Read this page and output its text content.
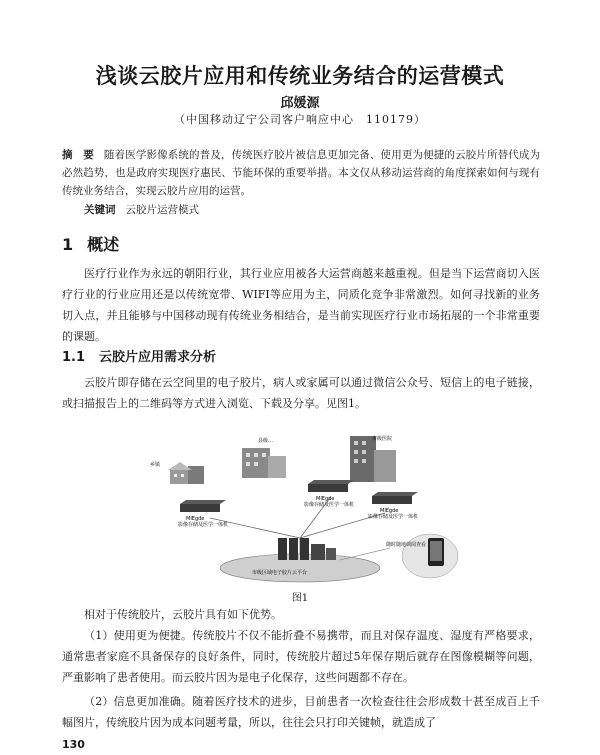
浅谈云胶片应用和传统业务结合的运营模式
邱媛源
（中国移动辽宁公司客户响应中心　110179）
摘　要 随着医学影像系统的普及，传统医疗胶片被信息更加完备、使用更为便捷的云胶片所替代成为必然趋势，也是政府实现医疗惠民、节能环保的重要举措。本文仅从移动运营商的角度探索如何与现有传统业务结合，实现云胶片应用的运营。
关键词 云胶片运营模式
1 概述
医疗行业作为永远的朝阳行业，其行业应用被各大运营商越来越重视。但是当下运营商切入医疗行业的行业应用还是以传统宽带、WIFI等应用为主，同质化竞争非常激烈。如何寻找新的业务切入点，并且能够与中国移动现有传统业务相结合，是当前实现医疗行业市场拓展的一个非常重要的课题。
1.1 云胶片应用需求分析
云胶片即存储在云空间里的电子胶片，病人或家属可以通过微信公众号、短信上的电子链接，或扫描报告上的二维码等方式进入浏览、下载及分享。见图1。
乡镇
县级…	市级医院
MIEgde
影像存储及医学一体机
MIEgde
影像存储及医学一体机
MIEgde
影像存储及医学一体机
市级区域电子胶片云平台
随时随地调阅查看
图1
相对于传统胶片，云胶片具有如下优势。
（1）使用更为便捷。传统胶片不仅不能折叠不易携带，而且对保存温度、湿度有严格要求，通常患者家庭不具备保存的良好条件，同时，传统胶片超过5年保存期后就存在图像模糊等问题，严重影响了患者使用。而云胶片因为是电子化保存，这些问题都不存在。
（2）信息更加准确。随着医疗技术的进步，目前患者一次检查往往会形成数十甚至成百上千幅图片，传统胶片因为成本问题考量，所以，往往会只打印关键帧，就造成了
130
